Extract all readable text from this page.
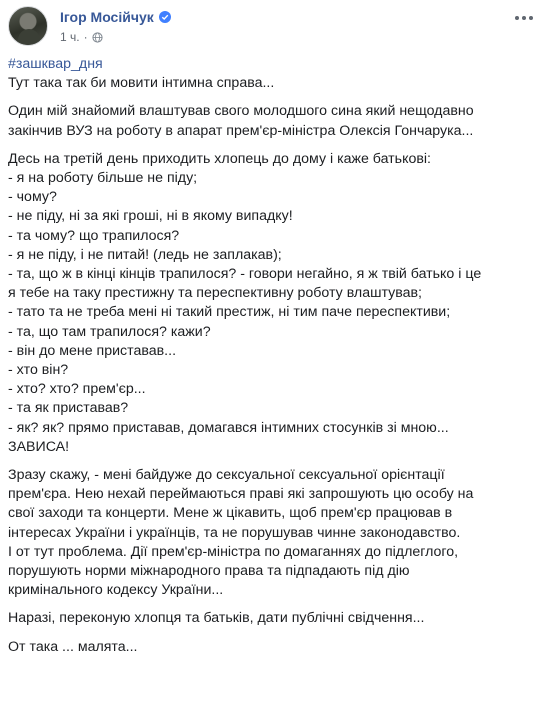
Ігор Мосійчук
1 ч. ·
#зашквар_дня
Тут така так би мовити інтимна справа...
Один мій знайомий влаштував свого молодшого сина який нещодавно
закінчив ВУЗ на роботу в апарат прем'єр-міністра Олексія Гончарука...
Десь на третій день приходить хлопець до дому і каже батькові:
- я на роботу більше не піду;
- чому?
- не піду, ні за які гроші, ні в якому випадку!
- та чому? що трапилося?
- я не піду, і не питай! (ледь не заплакав);
- та, що ж в кінці кінців трапилося? - говори негайно, я ж твій батько і це
я тебе на таку престижну та переспективну роботу влаштував;
- тато та не треба мені ні такий престиж, ні тим паче переспективи;
- та, що там трапилося? кажи?
- він до мене приставав...
- хто він?
- хто? хто? прем'єр...
- та як приставав?
- як? як? прямо приставав, домагався інтимних стосунків зі мною...
ЗАВИСА!
Зразу скажу, - мені байдуже до сексуальної сексуальної орієнтації
прем'єра. Нею нехай переймаються праві які запрошують цю особу на
свої заходи та концерти. Мене ж цікавить, щоб прем'єр працював в
інтересах України і українців, та не порушував чинне законодавство.
І от тут проблема. Дії прем'єр-міністра по домаганнях до підлеглого,
порушують норми міжнародного права та підпадають під дію
кримінального кодексу України...
Наразі, переконую хлопця та батьків, дати публічні свідчення...
От така ... малята...
